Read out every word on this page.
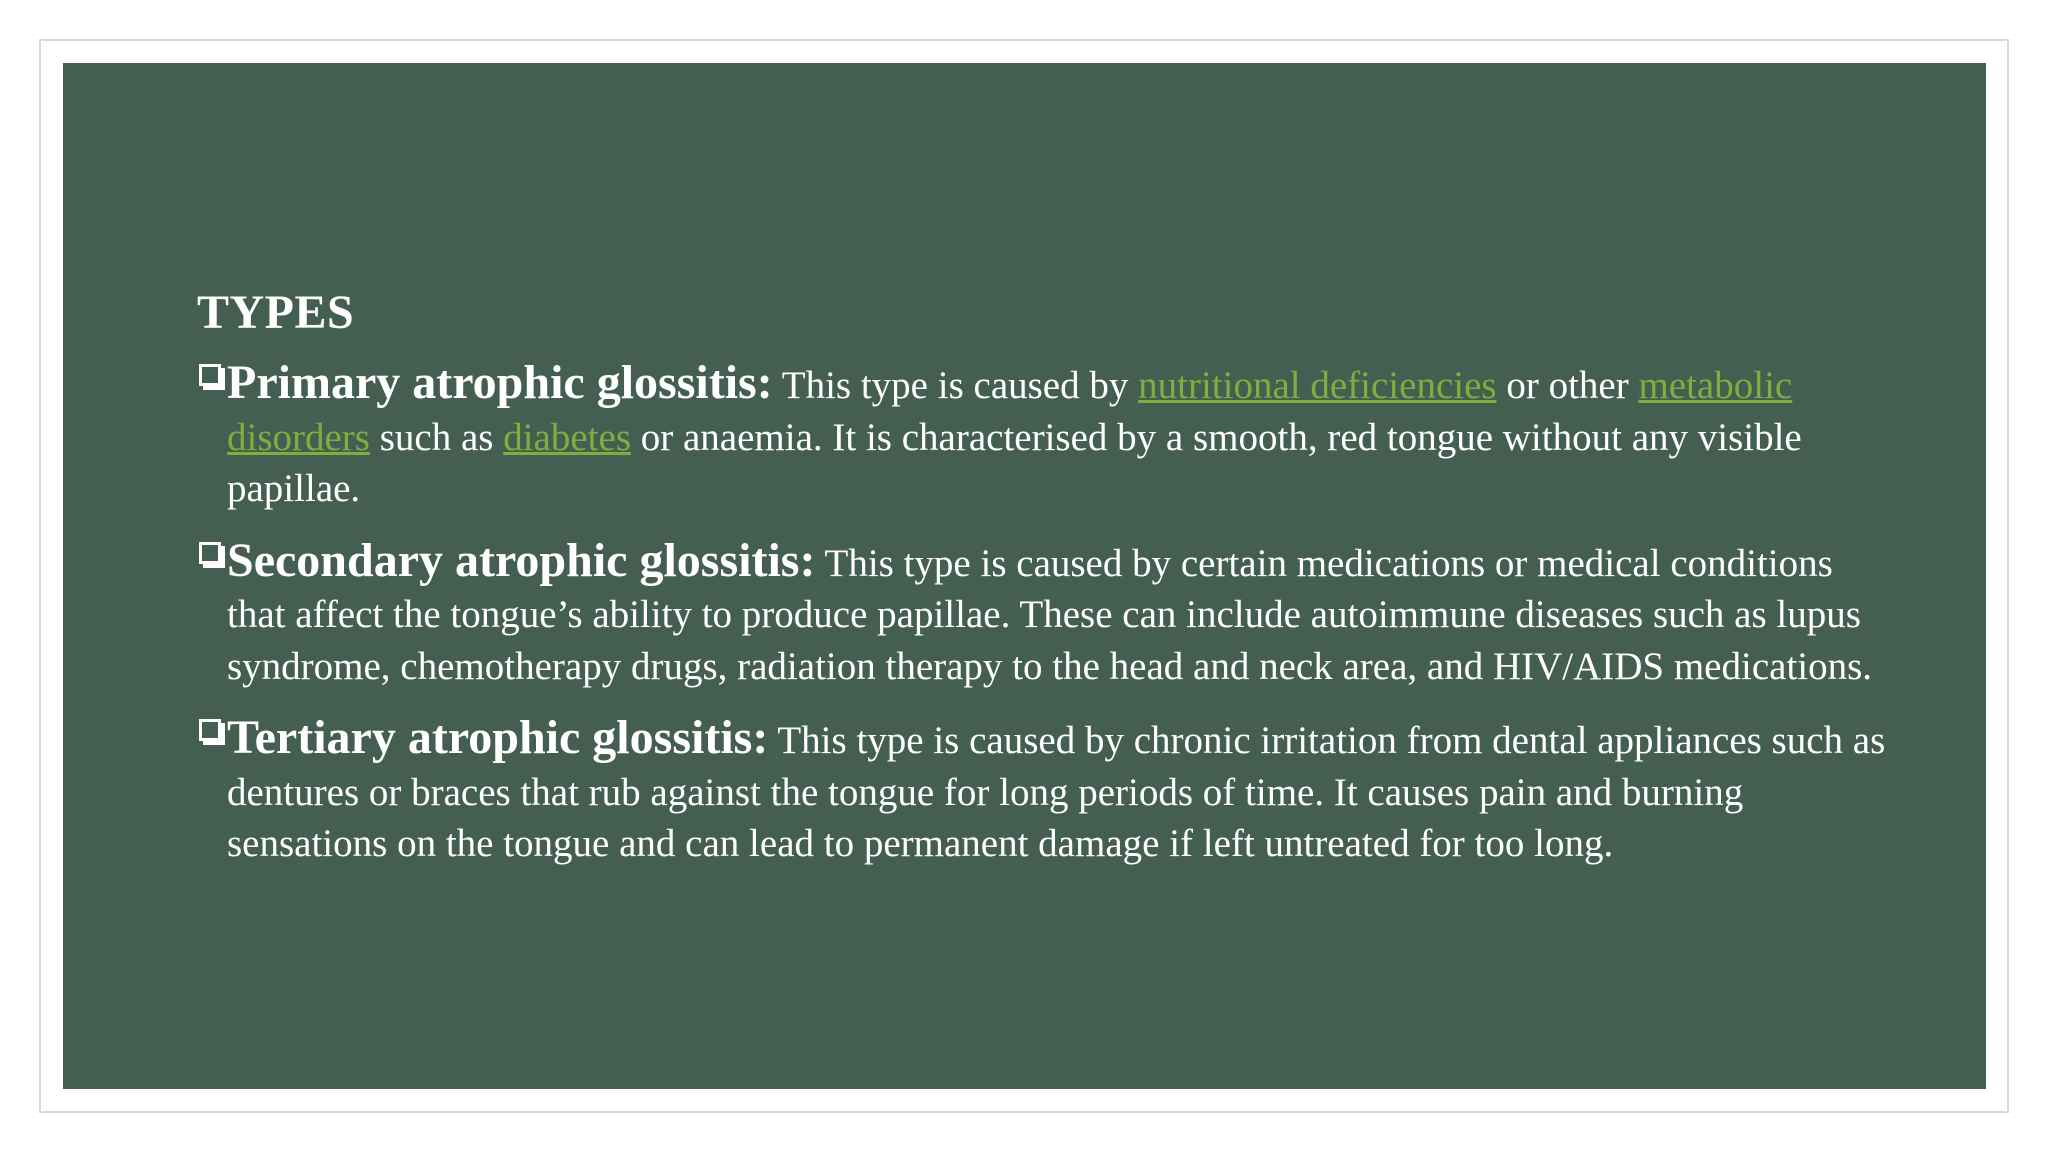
TYPES
Primary atrophic glossitis: This type is caused by nutritional deficiencies or other metabolic disorders such as diabetes or anaemia. It is characterised by a smooth, red tongue without any visible papillae.
Secondary atrophic glossitis: This type is caused by certain medications or medical conditions that affect the tongue’s ability to produce papillae. These can include autoimmune diseases such as lupus syndrome, chemotherapy drugs, radiation therapy to the head and neck area, and HIV/AIDS medications.
Tertiary atrophic glossitis: This type is caused by chronic irritation from dental appliances such as dentures or braces that rub against the tongue for long periods of time. It causes pain and burning sensations on the tongue and can lead to permanent damage if left untreated for too long.
